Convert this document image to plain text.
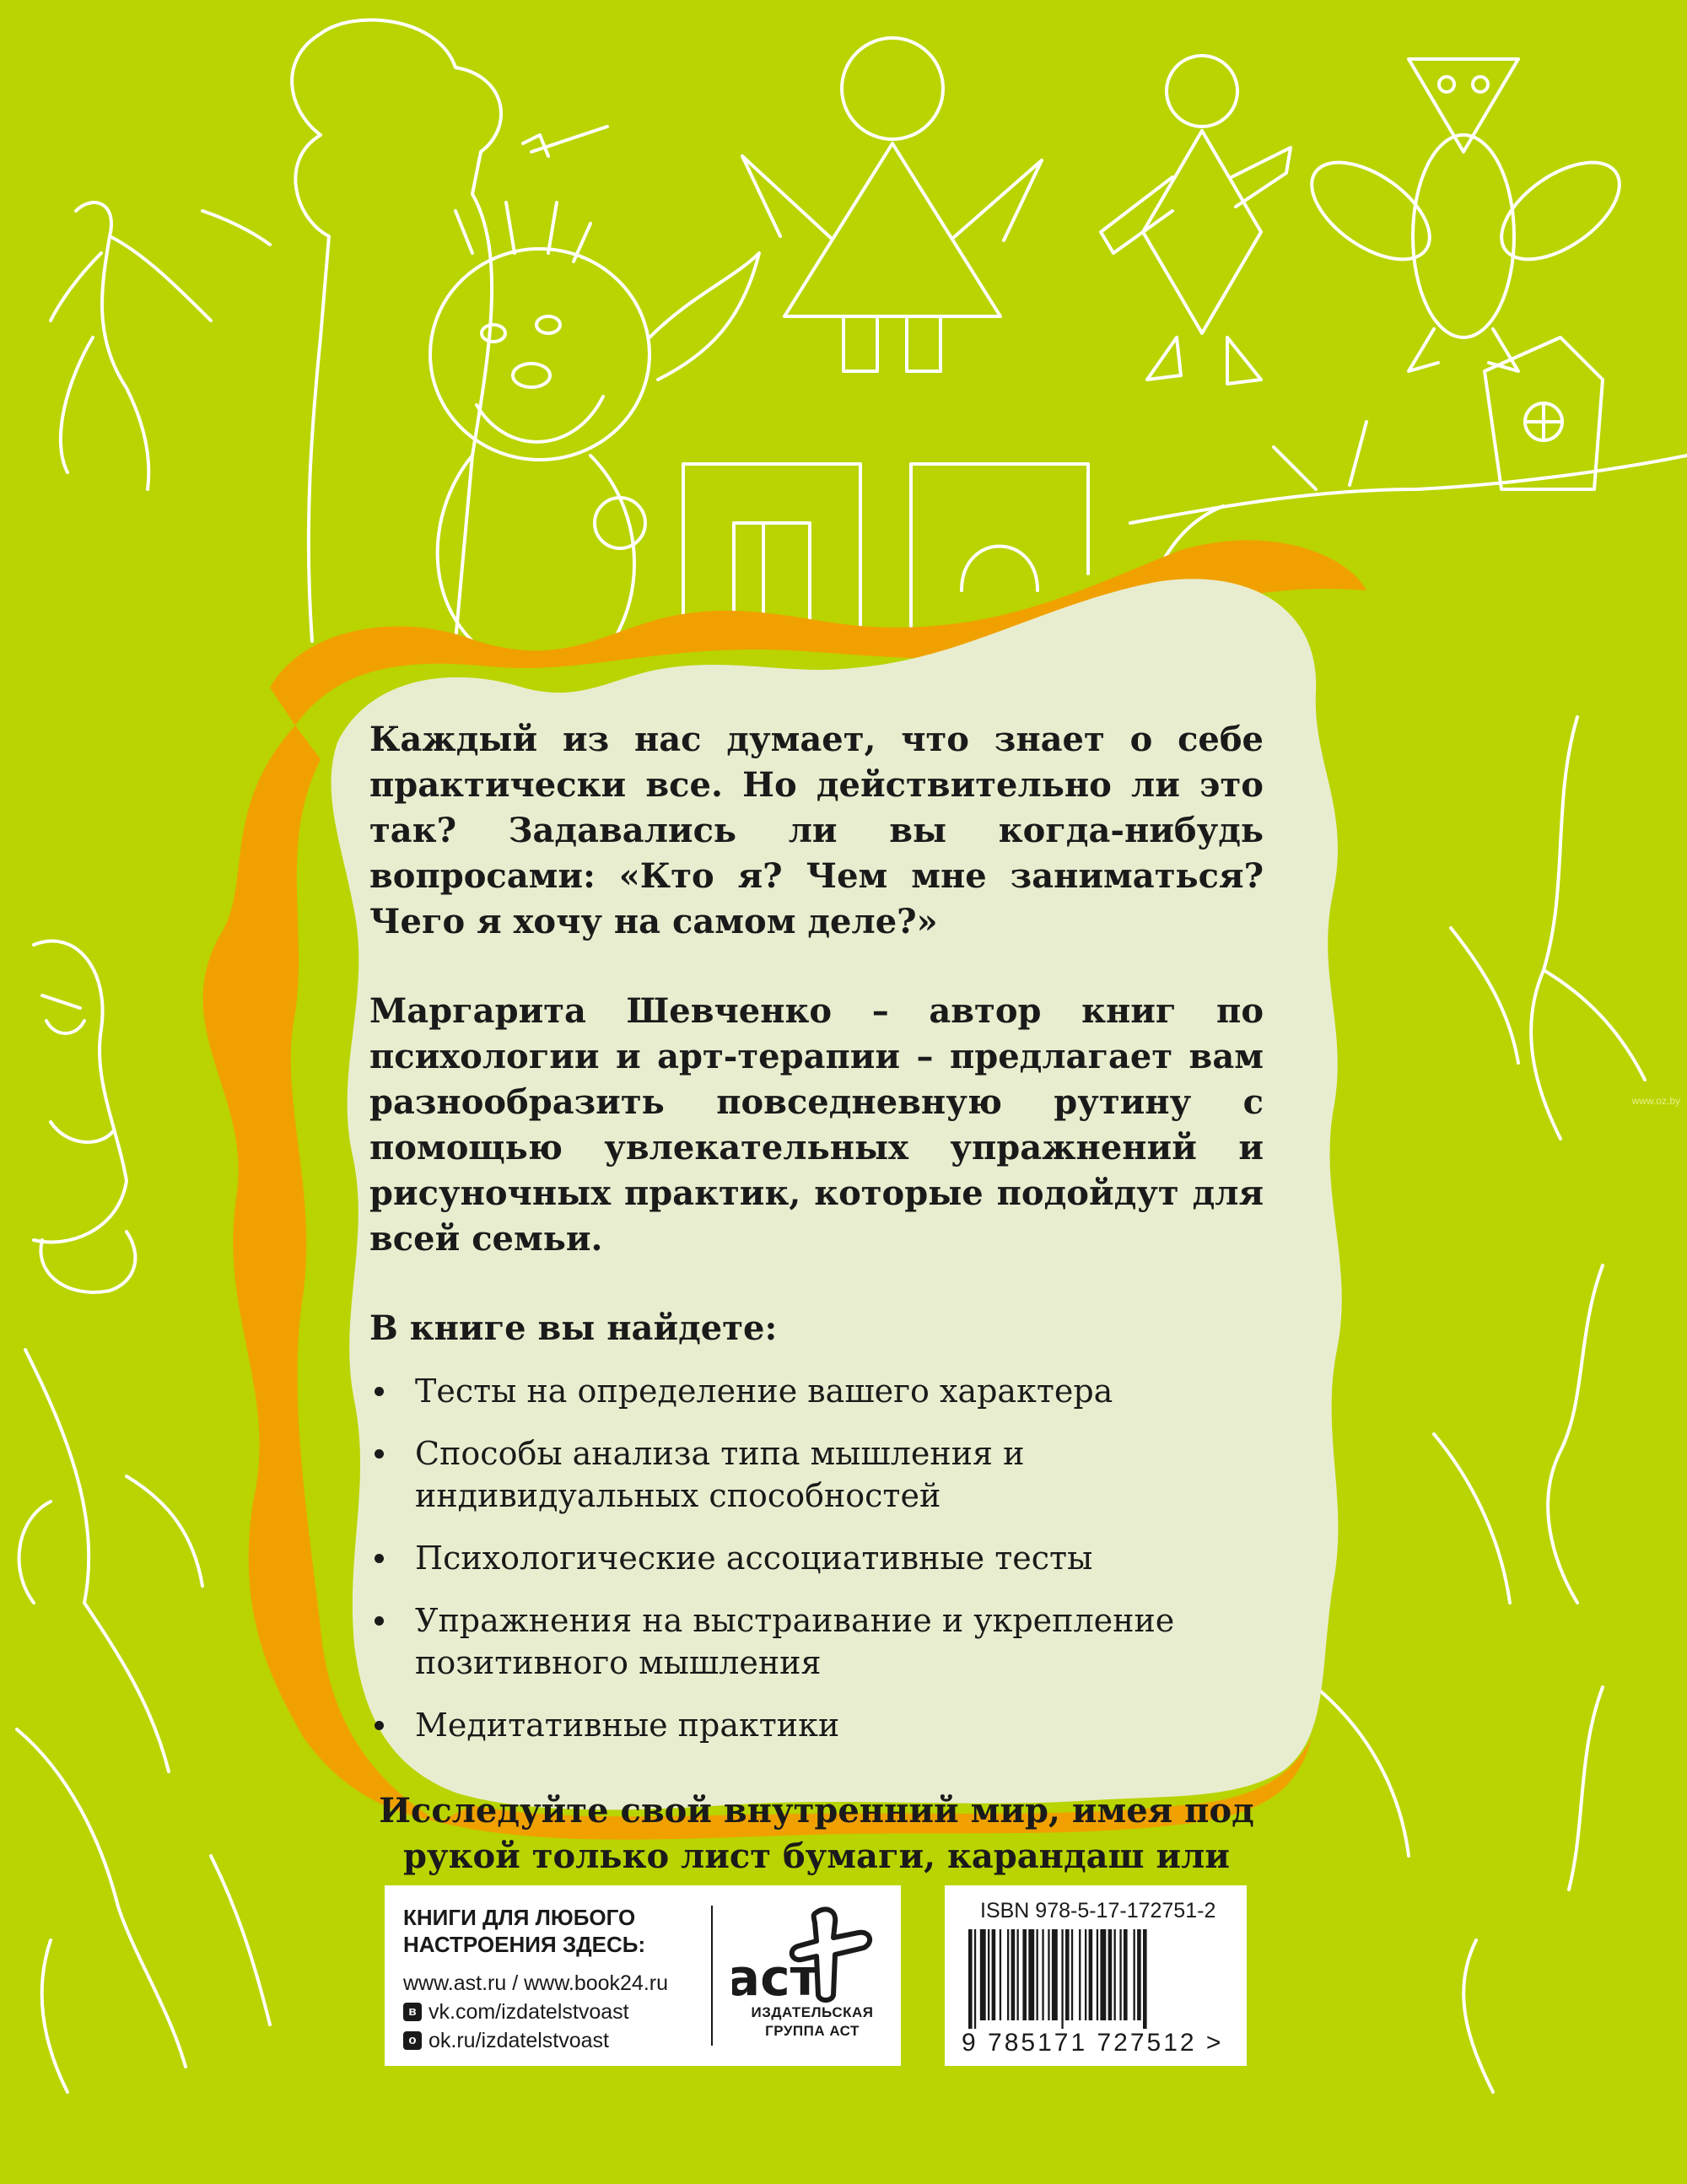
Каждый из нас думает, что знает о себе практически все. Но действительно ли это так? Задавались ли вы когда-нибудь вопросами: «Кто я? Чем мне заниматься? Чего я хочу на самом деле?»

Маргарита Шевченко – автор книг по психологии и арт-терапии – предлагает вам разнообразить повседневную рутину с помощью увлекательных упражнений и рисуночных практик, которые подойдут для всей семьи.

В книге вы найдете:
Тесты на определение вашего характера
Способы анализа типа мышления и индивидуальных способностей
Психологические ассоциативные тесты
Упражнения на выстраивание и укрепление позитивного мышления
Медитативные практики
Исследуйте свой внутренний мир, имея под рукой только лист бумаги, карандаш или
КНИГИ ДЛЯ ЛЮБОГО
НАСТРОЕНИЯ ЗДЕСЬ:
www.ast.ru / www.book24.ru
в vk.com/izdatelstvoast
о ok.ru/izdatelstvoast
аст
ИЗДАТЕЛЬСКАЯ
ГРУППА АСТ
ISBN 978-5-17-172751-2
9 785171 727512 >
www.oz.by
